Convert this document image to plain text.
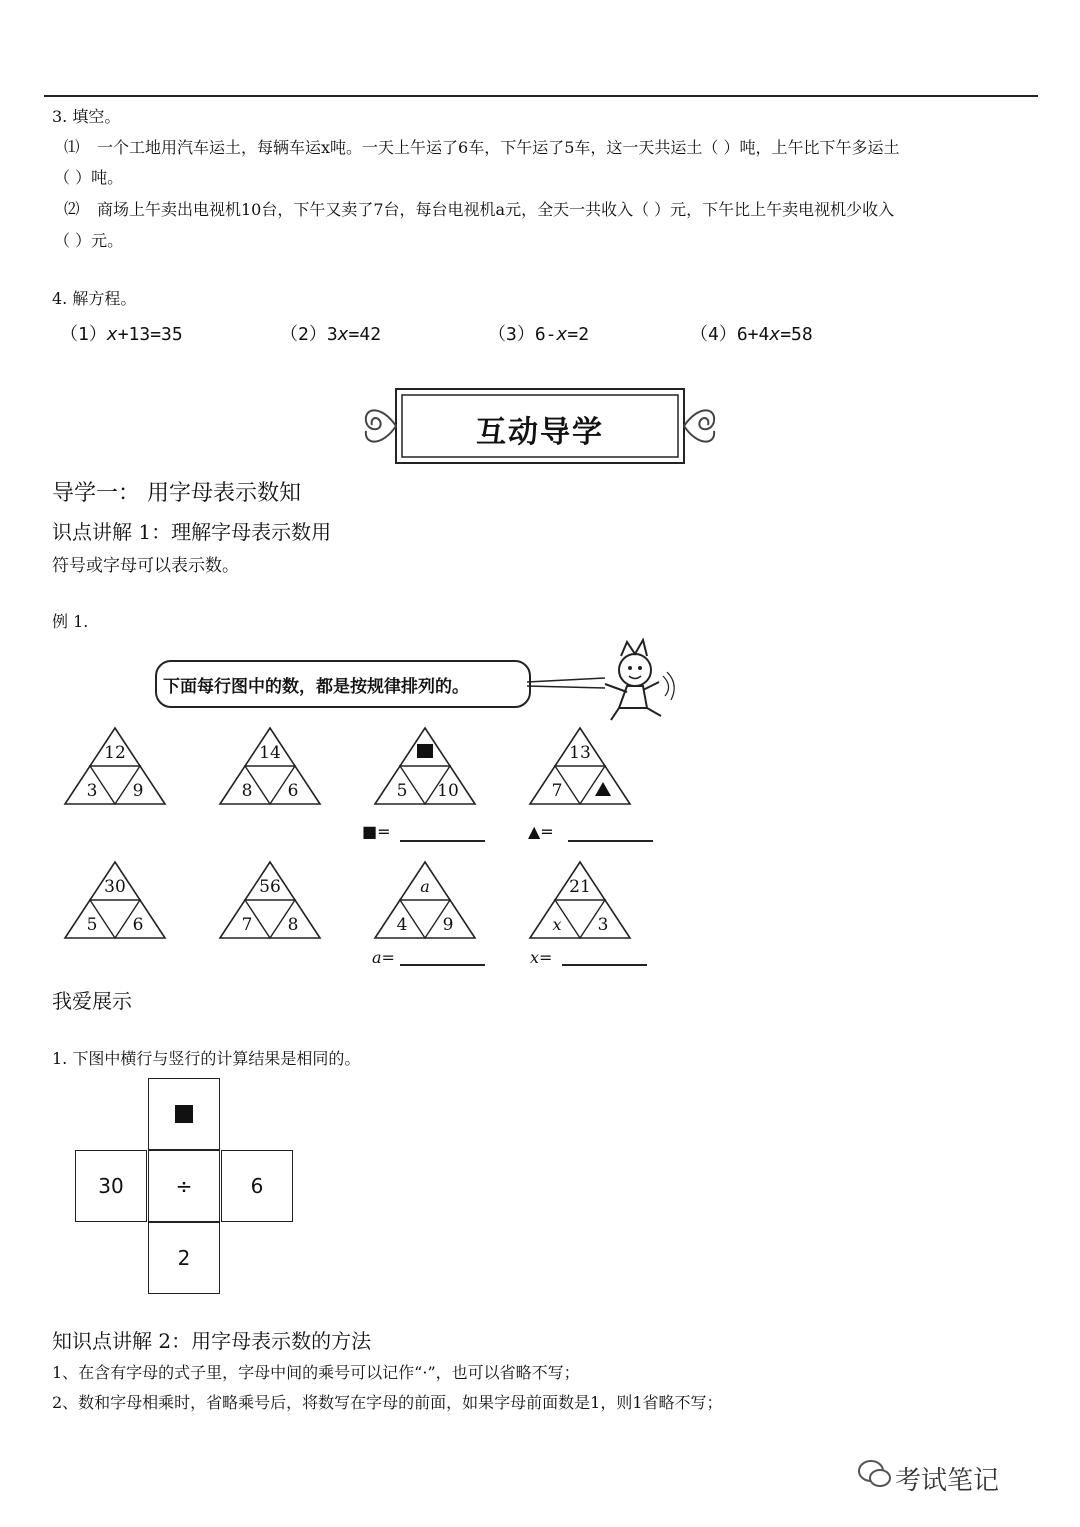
3. 填空。
⑴ 一个工地用汽车运土，每辆车运x吨。一天上午运了6车，下午运了5车，这一天共运土（ ）吨，上午比下午多运土
（ ）吨。
⑵ 商场上午卖出电视机10台，下午又卖了7台，每台电视机a元，全天一共收入（ ）元，下午比上午卖电视机少收入
（ ）元。
4. 解方程。
（1）x+13=35	（2）3x=42	（3）6-x=2	（4）6+4x=58
互动导学
导学一： 用字母表示数知
识点讲解 1：理解字母表示数用
符号或字母可以表示数。
例 1.
下面每行图中的数，都是按规律排列的。
12
3 9
14
8 6	5 10
13
7
■=	▲=
30
5 6
56
7 8
a
4 9
21
x 3
a=	x=
我爱展示
1. 下图中横行与竖行的计算结果是相同的。
30	÷	6
2
知识点讲解 2：用字母表示数的方法
1、在含有字母的式子里，字母中间的乘号可以记作“·”，也可以省略不写；
2、数和字母相乘时，省略乘号后，将数写在字母的前面，如果字母前面数是1，则1省略不写；
考试笔记
